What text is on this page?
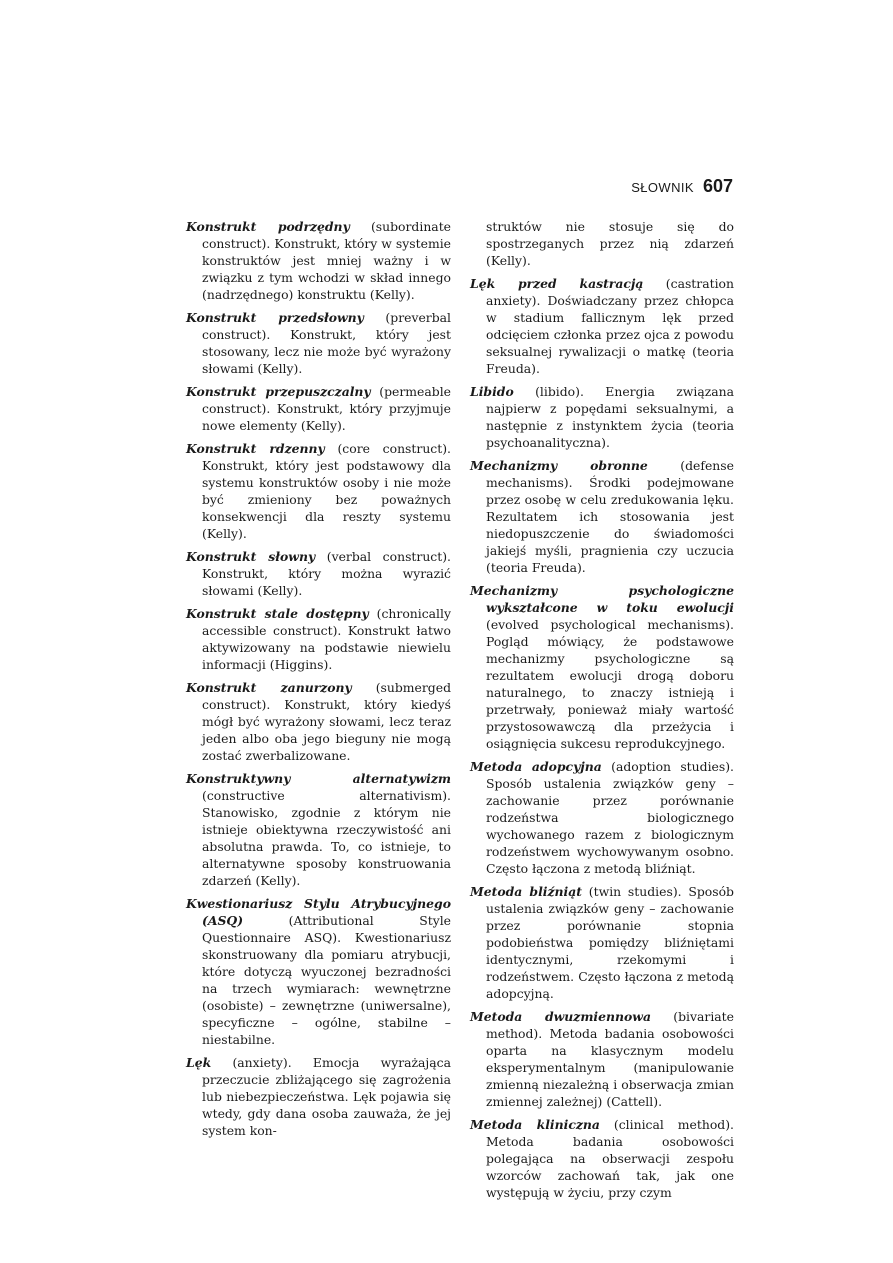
SŁOWNIK 607

Konstrukt podrzędny (subordinate construct). Konstrukt, który w systemie konstruktów jest mniej ważny i w związku z tym wchodzi w skład innego (nadrzędnego) konstruktu (Kelly).

Konstrukt przedsłowny (preverbal construct). Konstrukt, który jest stosowany, lecz nie może być wyrażony słowami (Kelly).

Konstrukt przepuszczalny (permeable construct). Konstrukt, który przyjmuje nowe elementy (Kelly).

Konstrukt rdzenny (core construct). Konstrukt, który jest podstawowy dla systemu konstruktów osoby i nie może być zmieniony bez poważnych konsekwencji dla reszty systemu (Kelly).

Konstrukt słowny (verbal construct). Konstrukt, który można wyrazić słowami (Kelly).

Konstrukt stale dostępny (chronically accessible construct). Konstrukt łatwo aktywizowany na podstawie niewielu informacji (Higgins).

Konstrukt zanurzony (submerged construct). Konstrukt, który kiedyś mógł być wyrażony słowami, lecz teraz jeden albo oba jego bieguny nie mogą zostać zwerbalizowane.

Konstruktywny alternatywizm (constructive alternativism). Stanowisko, zgodnie z którym nie istnieje obiektywna rzeczywistość ani absolutna prawda. To, co istnieje, to alternatywne sposoby konstruowania zdarzeń (Kelly).

Kwestionariusz Stylu Atrybucyjnego (ASQ) (Attributional Style Questionnaire ASQ). Kwestionariusz skonstruowany dla pomiaru atrybucji, które dotyczą wyuczonej bezradności na trzech wymiarach: wewnętrzne (osobiste) – zewnętrzne (uniwersalne), specyficzne – ogólne, stabilne – niestabilne.

Lęk (anxiety). Emocja wyrażająca przeczucie zbliżającego się zagrożenia lub niebezpieczeństwa. Lęk pojawia się wtedy, gdy dana osoba zauważa, że jej system kon-

struktów nie stosuje się do spostrzeganych przez nią zdarzeń (Kelly).

Lęk przed kastracją (castration anxiety). Doświadczany przez chłopca w stadium fallicznym lęk przed odcięciem członka przez ojca z powodu seksualnej rywalizacji o matkę (teoria Freuda).

Libido (libido). Energia związana najpierw z popędami seksualnymi, a następnie z instynktem życia (teoria psychoanalityczna).

Mechanizmy obronne (defense mechanisms). Środki podejmowane przez osobę w celu zredukowania lęku. Rezultatem ich stosowania jest niedopuszczenie do świadomości jakiejś myśli, pragnienia czy uczucia (teoria Freuda).

Mechanizmy psychologiczne wykształcone w toku ewolucji (evolved psychological mechanisms). Pogląd mówiący, że podstawowe mechanizmy psychologiczne są rezultatem ewolucji drogą doboru naturalnego, to znaczy istnieją i przetrwały, ponieważ miały wartość przystosowawczą dla przeżycia i osiągnięcia sukcesu reprodukcyjnego.

Metoda adopcyjna (adoption studies). Sposób ustalenia związków geny – zachowanie przez porównanie rodzeństwa biologicznego wychowanego razem z biologicznym rodzeństwem wychowywanym osobno. Często łączona z metodą bliźniąt.

Metoda bliźniąt (twin studies). Sposób ustalenia związków geny – zachowanie przez porównanie stopnia podobieństwa pomiędzy bliźniętami identycznymi, rzekomymi i rodzeństwem. Często łączona z metodą adopcyjną.

Metoda dwuzmiennowa (bivariate method). Metoda badania osobowości oparta na klasycznym modelu eksperymentalnym (manipulowanie zmienną niezależną i obserwacja zmian zmiennej zależnej) (Cattell).

Metoda kliniczna (clinical method). Metoda badania osobowości polegająca na obserwacji zespołu wzorców zachowań tak, jak one występują w życiu, przy czym
